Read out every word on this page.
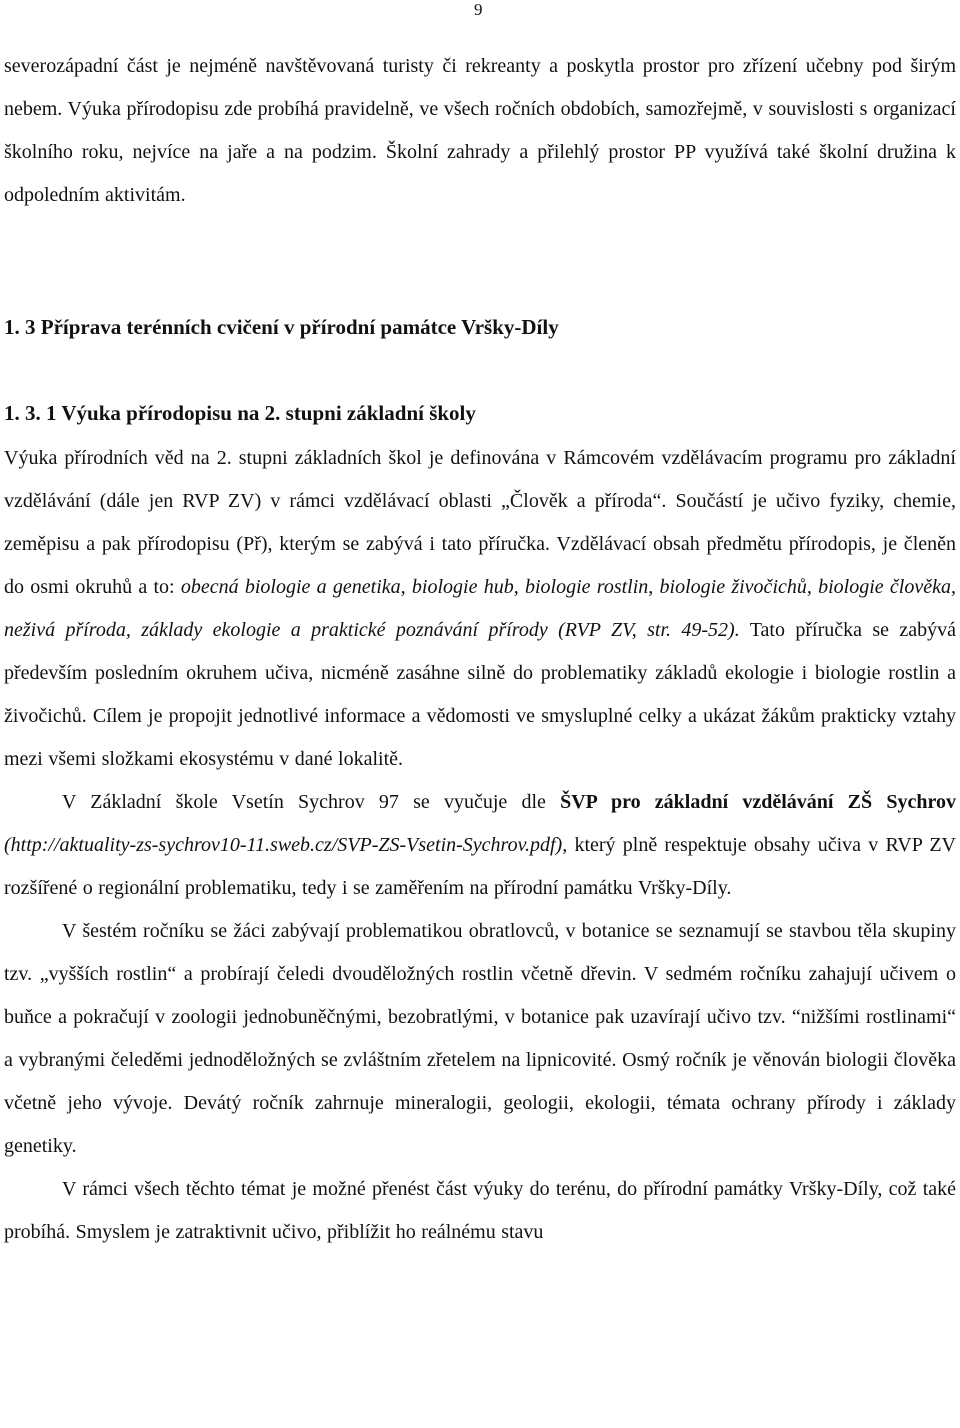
9

severozápadní část je nejméně navštěvovaná turisty či rekreanty a poskytla prostor pro zřízení učebny pod širým nebem. Výuka přírodopisu zde probíhá pravidelně, ve všech ročních obdobích, samozřejmě, v souvislosti s organizací školního roku, nejvíce na jaře a na podzim. Školní zahrady a přilehlý prostor PP využívá také školní družina k odpoledním aktivitám.

1. 3 Příprava terénních cvičení v přírodní památce Vršky-Díly
1. 3. 1 Výuka přírodopisu na 2. stupni základní školy

Výuka přírodních věd na 2. stupni základních škol je definována v Rámcovém vzdělávacím programu pro základní vzdělávání (dále jen RVP ZV) v rámci vzdělávací oblasti „Člověk a příroda“. Součástí je učivo fyziky, chemie, zeměpisu a pak přírodopisu (Př), kterým se zabývá i tato příručka. Vzdělávací obsah předmětu přírodopis, je členěn do osmi okruhů a to: obecná biologie a genetika, biologie hub, biologie rostlin, biologie živočichů, biologie člověka, neživá příroda, základy ekologie a praktické poznávání přírody (RVP ZV, str. 49-52). Tato příručka se zabývá především posledním okruhem učiva, nicméně zasáhne silně do problematiky základů ekologie i biologie rostlin a živočichů. Cílem je propojit jednotlivé informace a vědomosti ve smysluplné celky a ukázat žákům prakticky vztahy mezi všemi složkami ekosystému v dané lokalitě.

V Základní škole Vsetín Sychrov 97 se vyučuje dle ŠVP pro základní vzdělávání ZŠ Sychrov (http://aktuality-zs-sychrov10-11.sweb.cz/SVP-ZS-Vsetin-Sychrov.pdf), který plně respektuje obsahy učiva v RVP ZV rozšířené o regionální problematiku, tedy i se zaměřením na přírodní památku Vršky-Díly.

V šestém ročníku se žáci zabývají problematikou obratlovců, v botanice se seznamují se stavbou těla skupiny tzv. „vyšších rostlin“ a probírají čeledi dvouděložných rostlin včetně dřevin. V sedmém ročníku zahajují učivem o buňce a pokračují v zoologii jednobuněčnými, bezobratlými, v botanice pak uzavírají učivo tzv. “nižšími rostlinami“ a vybranými čeleděmi jednoděložných se zvláštním zřetelem na lipnicovité. Osmý ročník je věnován biologii člověka včetně jeho vývoje. Devátý ročník zahrnuje mineralogii, geologii, ekologii, témata ochrany přírody i základy genetiky.

V rámci všech těchto témat je možné přenést část výuky do terénu, do přírodní památky Vršky-Díly, což také probíhá. Smyslem je zatraktivnit učivo, přiblížit ho reálnému stavu
